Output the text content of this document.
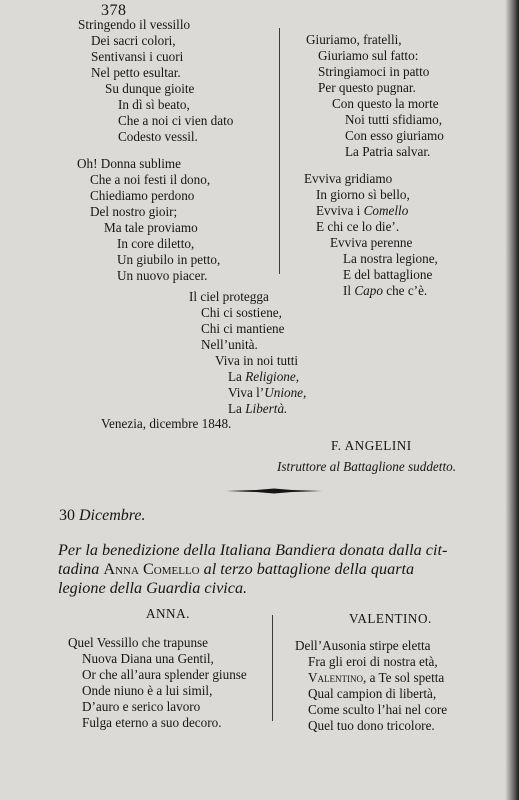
378
Stringendo il vessillo
Dei sacri colori,
Sentivansi i cuori
Nel petto esultar.
Su dunque gioite
In dì sì beato,
Che a noi ci vien dato
Codesto vessil.
Oh! Donna sublime
Che a noi festi il dono,
Chiediamo perdono
Del nostro gioir;
Ma tale proviamo
In core diletto,
Un giubilo in petto,
Un nuovo piacer.
Giuriamo, fratelli,
Giuriamo sul fatto:
Stringiamoci in patto
Per questo pugnar.
Con questo la morte
Noi tutti sfidiamo,
Con esso giuriamo
La Patria salvar.
Evviva gridiamo
In giorno sì bello,
Evviva i Comello
E chi ce lo die’.
Evviva perenne
La nostra legione,
E del battaglione
Il Capo che c’è.
Il ciel protegga
Chi ci sostiene,
Chi ci mantiene
Nell’unità.
Viva in noi tutti
La Religione,
Viva l’Unione,
La Libertà.
Venezia, dicembre 1848.
F. ANGELINI
Istruttore al Battaglione suddetto.
30 Dicembre.
Per la benedizione della Italiana Bandiera donata dalla cit-
tadina Anna Comello al terzo battaglione della quarta
legione della Guardia civica.
ANNA.	VALENTINO.
Quel Vessillo che trapunse
Nuova Diana una Gentil,
Or che all’aura splender giunse
Onde niuno è a lui simil,
D’auro e serico lavoro
Fulga eterno a suo decoro.
Dell’Ausonia stirpe eletta
Fra gli eroi di nostra età,
Valentino, a Te sol spetta
Qual campion di libertà,
Come sculto l’hai nel core
Quel tuo dono tricolore.
